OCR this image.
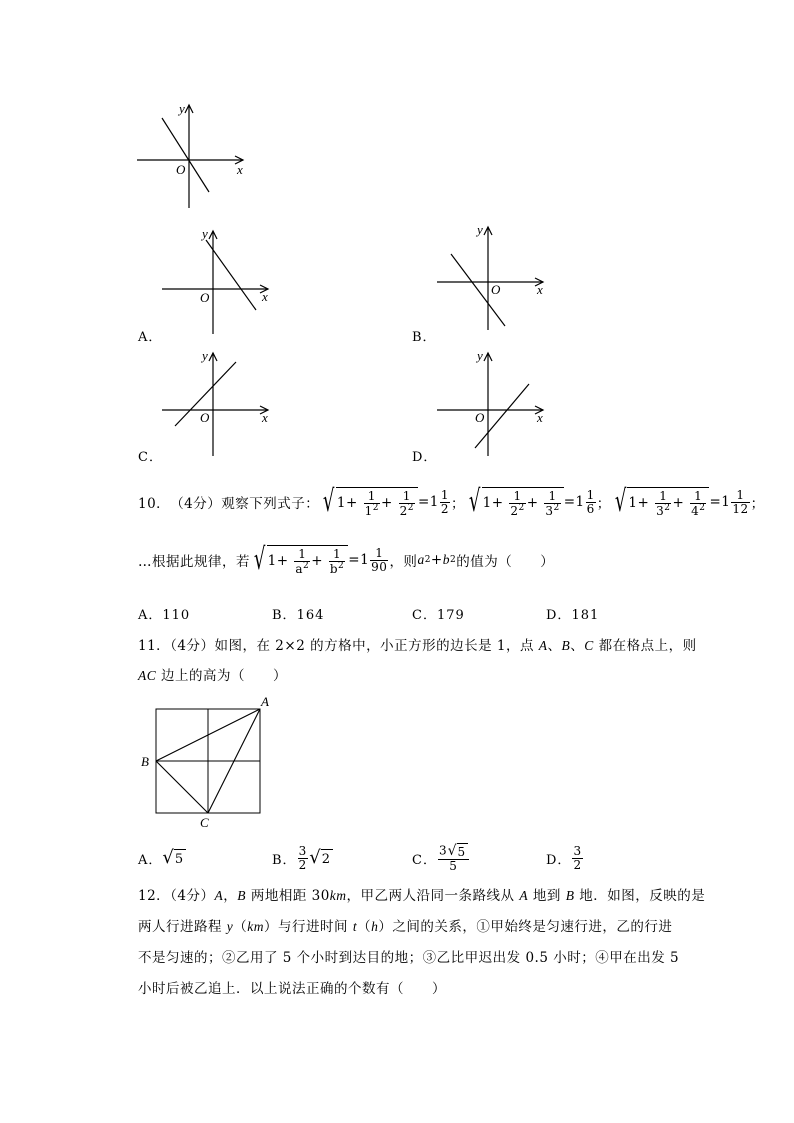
y
x
O
y
x
O
A．
y
x
O
B．
y
x
O
C．
y
x
O
D．
10． （4分） 观察下列式子： √ $1+ \frac{1}{1^2} + \frac{1}{2^2} = 1 \frac{1}{2}$ ； √ $1+ \frac{1}{2^2} + \frac{1}{3^2} = 1 \frac{1}{6}$ ； √ $1+ \frac{1}{3^2} + \frac{1}{4^2} = 1 \frac{1}{12}$ ；
…根据此规律，若 √ $1+ \frac{1}{a^2} + \frac{1}{b^2} = 1 \frac{1}{90}$ ，则 a 2 + b 2 的值为（　　）
A．110	B．164	C．179	D．181
11．（4分）如图，在 2×2 的方格中，小正方形的边长是 1，点 A、B、C 都在格点上，则
AC 边上的高为（　　）
A
B
C
A． √ 5	B． $\frac{3}{2}$ √ 2	C． $\frac{3 √ 5}{5}$	D． $\frac{3}{2}$
12．（4分）A，B 两地相距 30km，甲乙两人沿同一条路线从 A 地到 B 地．如图，反映的是
两人行进路程 y（km）与行进时间 t（h）之间的关系，①甲始终是匀速行进，乙的行进
不是匀速的；②乙用了 5 个小时到达目的地；③乙比甲迟出发 0.5 小时；④甲在出发 5
小时后被乙追上．以上说法正确的个数有（　　）
